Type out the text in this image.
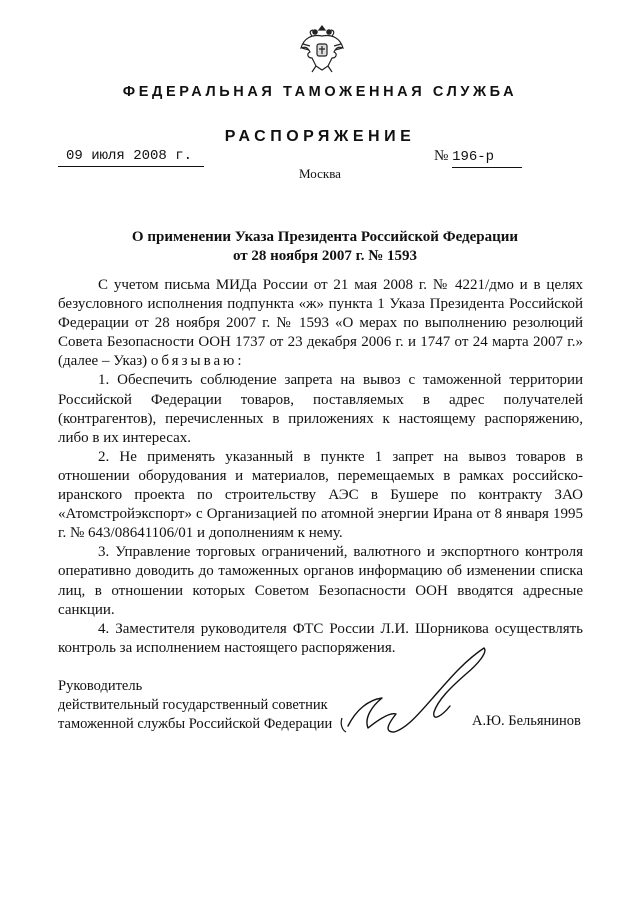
ФЕДЕРАЛЬНАЯ ТАМОЖЕННАЯ СЛУЖБА
РАСПОРЯЖЕНИЕ
09 июля 2008 г.	№ 196-р
Москва
О применении Указа Президента Российской Федерации
от 28 ноября 2007 г. № 1593

С учетом письма МИДа России от 21 мая 2008 г. № 4221/дмо и в целях безусловного исполнения подпункта «ж» пункта 1 Указа Президента Российской Федерации от 28 ноября 2007 г. № 1593 «О мерах по выполнению резолюций Совета Безопасности ООН 1737 от 23 декабря 2006 г. и 1747 от 24 марта 2007 г.» (далее – Указ) обязываю:

1. Обеспечить соблюдение запрета на вывоз с таможенной территории Российской Федерации товаров, поставляемых в адрес получателей (контрагентов), перечисленных в приложениях к настоящему распоряжению, либо в их интересах.

2. Не применять указанный в пункте 1 запрет на вывоз товаров в отношении оборудования и материалов, перемещаемых в рамках российско-иранского проекта по строительству АЭС в Бушере по контракту ЗАО «Атомстройэкспорт» с Организацией по атомной энергии Ирана от 8 января 1995 г. № 643/08641106/01 и дополнениям к нему.

3. Управление торговых ограничений, валютного и экспортного контроля оперативно доводить до таможенных органов информацию об изменении списка лиц, в отношении которых Советом Безопасности ООН вводятся адресные санкции.

4. Заместителя руководителя ФТС России Л.И. Шорникова осуществлять контроль за исполнением настоящего распоряжения.

Руководитель
действительный государственный советник
таможенной службы Российской Федерации	А.Ю. Бельянинов
